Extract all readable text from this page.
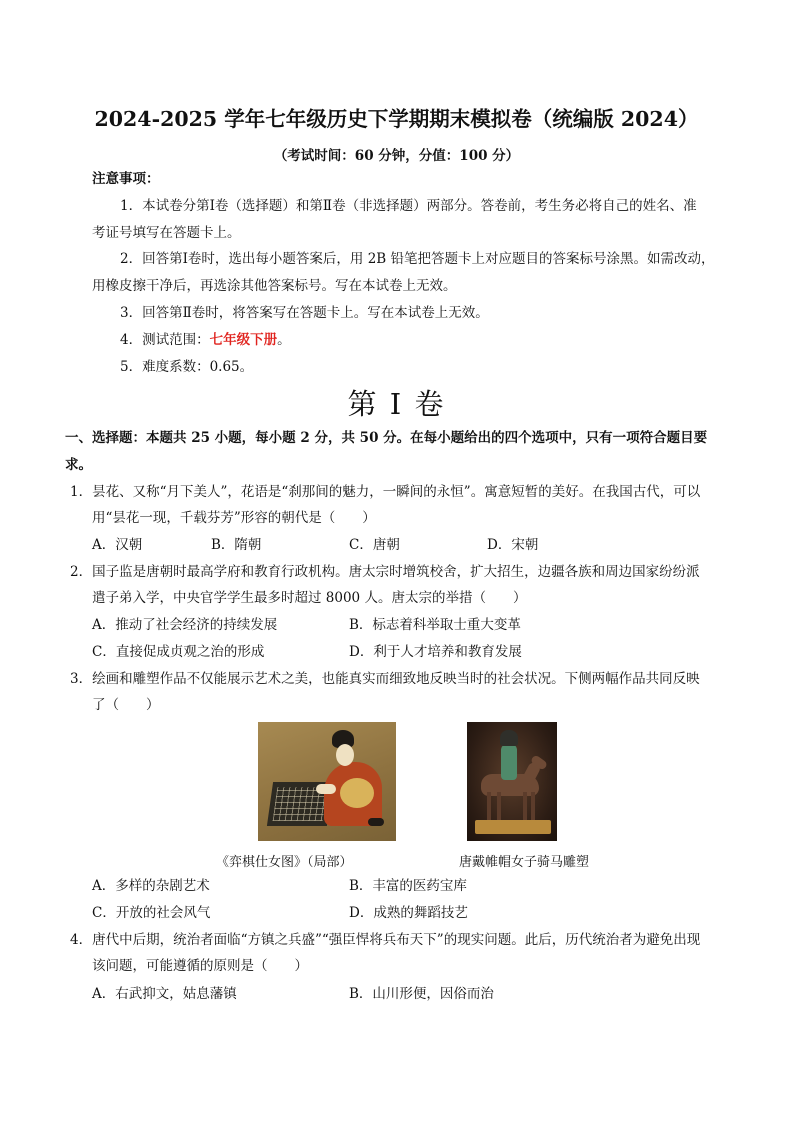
2024-2025 学年七年级历史下学期期末模拟卷（统编版 2024）
（考试时间：60 分钟，分值：100 分）
注意事项：
1．本试卷分第Ⅰ卷（选择题）和第Ⅱ卷（非选择题）两部分。答卷前，考生务必将自己的姓名、准
考证号填写在答题卡上。
2．回答第Ⅰ卷时，选出每小题答案后，用 2B 铅笔把答题卡上对应题目的答案标号涂黑。如需改动，
用橡皮擦干净后，再选涂其他答案标号。写在本试卷上无效。
3．回答第Ⅱ卷时，将答案写在答题卡上。写在本试卷上无效。
4．测试范围：七年级下册。
5．难度系数：0.65。
第 I 卷
一、选择题：本题共 25 小题，每小题 2 分，共 50 分。在每小题给出的四个选项中，只有一项符合题目要
求。
1．昙花、又称“月下美人”，花语是“刹那间的魅力，一瞬间的永恒”。寓意短暂的美好。在我国古代，可以
用“昙花一现，千载芬芳”形容的朝代是（　　）
A．汉朝	B．隋朝	C．唐朝	D．宋朝
2．国子监是唐朝时最高学府和教育行政机构。唐太宗时增筑校舍，扩大招生，边疆各族和周边国家纷纷派
遣子弟入学，中央官学学生最多时超过 8000 人。唐太宗的举措（　　）
A．推动了社会经济的持续发展	B．标志着科举取士重大变革
C．直接促成贞观之治的形成	D．利于人才培养和教育发展
3．绘画和雕塑作品不仅能展示艺术之美，也能真实而细致地反映当时的社会状况。下侧两幅作品共同反映
了（　　）
《弈棋仕女图》（局部）	唐戴帷帽女子骑马雕塑
A．多样的杂剧艺术	B．丰富的医药宝库
C．开放的社会风气	D．成熟的舞蹈技艺
4．唐代中后期，统治者面临“方镇之兵盛”“强臣悍将兵布天下”的现实问题。此后，历代统治者为避免出现
该问题，可能遵循的原则是（　　）
A．右武抑文，姑息藩镇	B．山川形便，因俗而治
